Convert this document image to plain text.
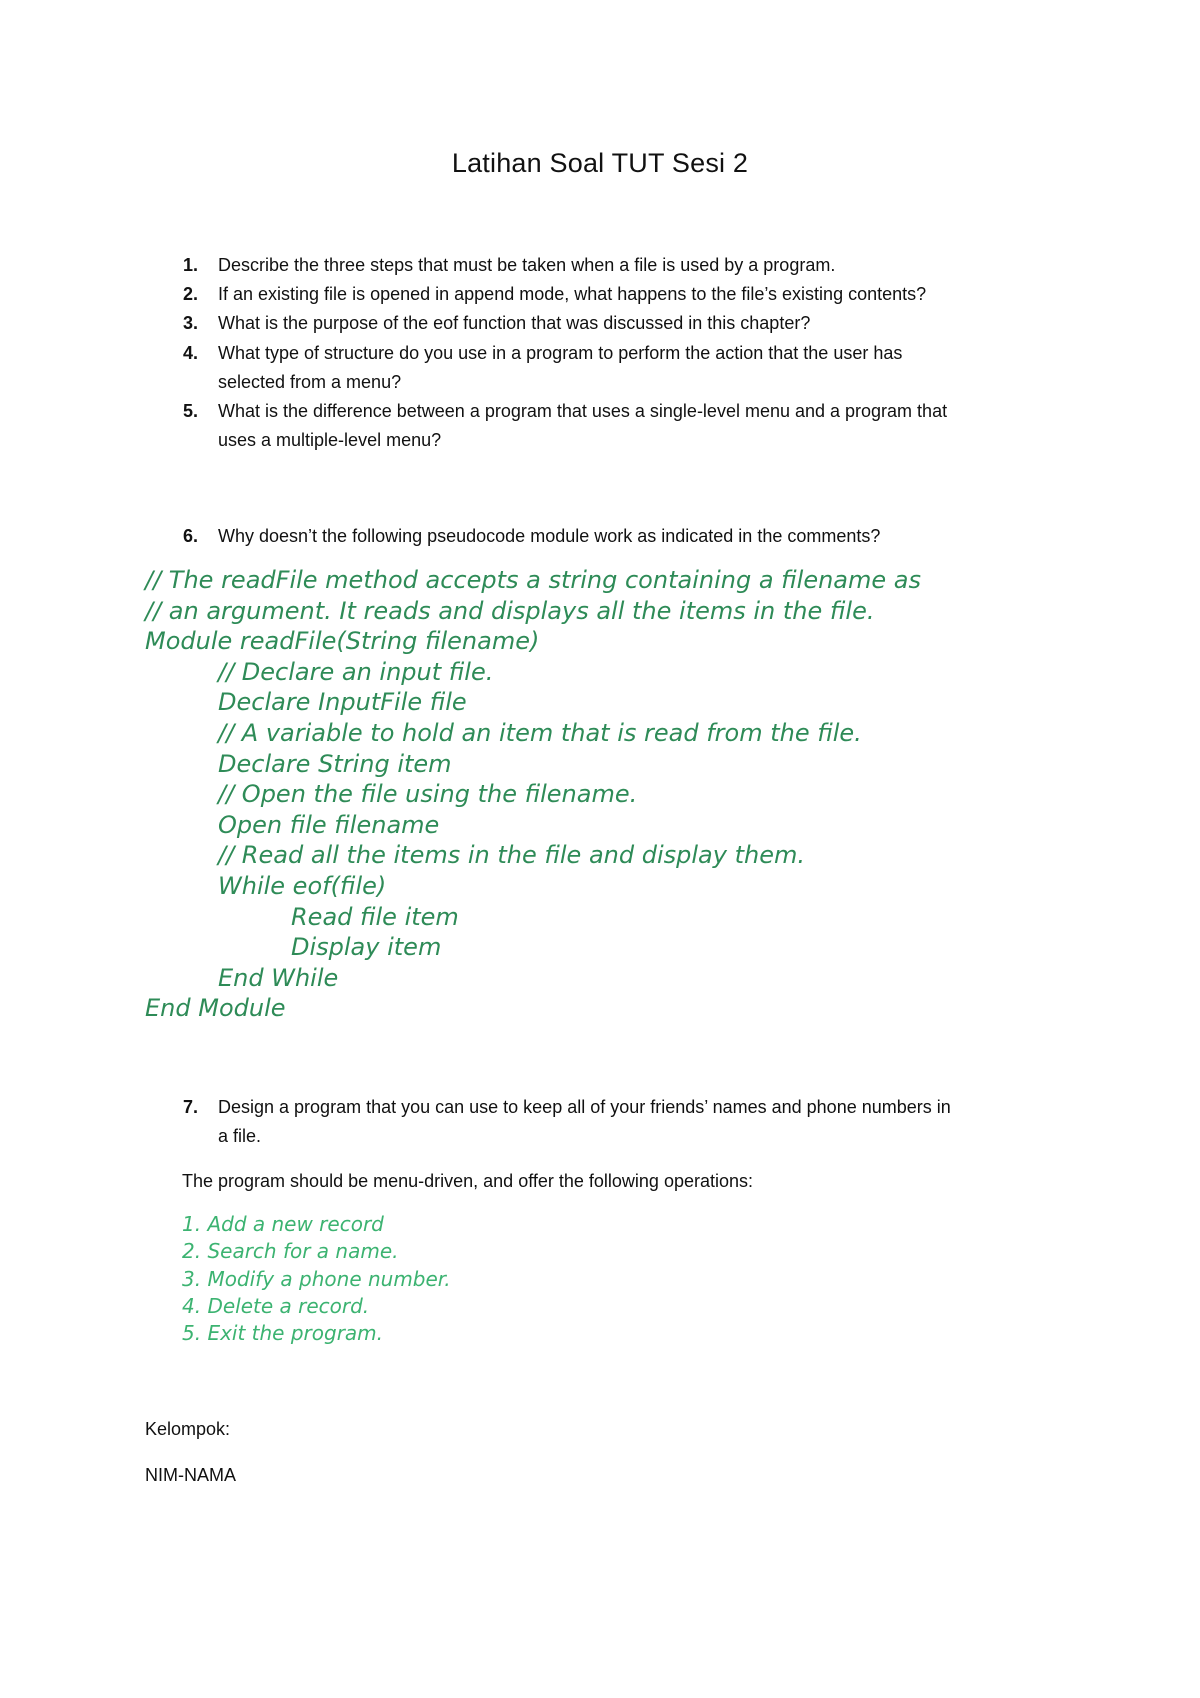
Latihan Soal TUT Sesi 2
1. Describe the three steps that must be taken when a file is used by a program.
2. If an existing file is opened in append mode, what happens to the file’s existing contents?
3. What is the purpose of the eof function that was discussed in this chapter?
4. What type of structure do you use in a program to perform the action that the user has
selected from a menu?
5. What is the difference between a program that uses a single-level menu and a program that
uses a multiple-level menu?
6. Why doesn’t the following pseudocode module work as indicated in the comments?
// The readFile method accepts a string containing a filename as
// an argument. It reads and displays all the items in the file.
Module readFile(String filename)
// Declare an input file.
Declare InputFile file
// A variable to hold an item that is read from the file.
Declare String item
// Open the file using the filename.
Open file filename
// Read all the items in the file and display them.
While eof(file)
Read file item
Display item
End While
End Module
7. Design a program that you can use to keep all of your friends’ names and phone numbers in
a file.
The program should be menu-driven, and offer the following operations:
1. Add a new record
2. Search for a name.
3. Modify a phone number.
4. Delete a record.
5. Exit the program.
Kelompok:
NIM-NAMA
